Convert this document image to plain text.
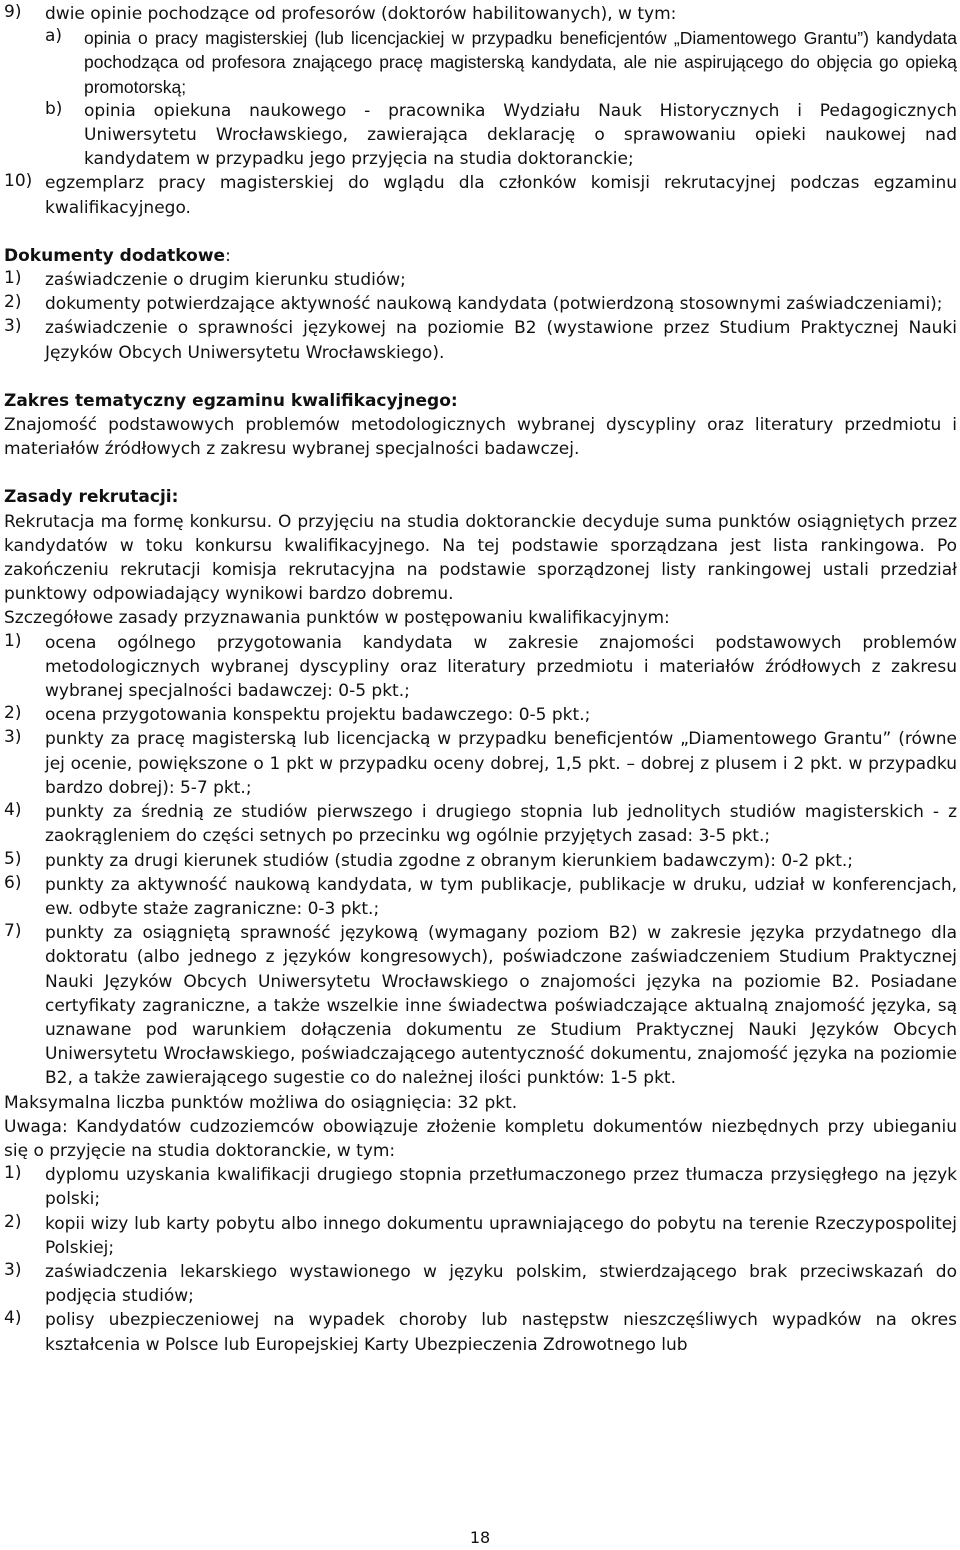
9)	dwie opinie pochodzące od profesorów (doktorów habilitowanych), w tym:
a)	opinia o pracy magisterskiej (lub licencjackiej w przypadku beneficjentów „Diamentowego Grantu”) kandydata pochodząca od profesora znającego pracę magisterską kandydata, ale nie aspirującego do objęcia go opieką promotorską;
b)	opinia opiekuna naukowego - pracownika Wydziału Nauk Historycznych i Pedagogicznych Uniwersytetu Wrocławskiego, zawierająca deklarację o sprawowaniu opieki naukowej nad kandydatem w przypadku jego przyjęcia na studia doktoranckie;
10) egzemplarz pracy magisterskiej do wglądu dla członków komisji rekrutacyjnej podczas egzaminu kwalifikacyjnego.

Dokumenty dodatkowe:

1)	zaświadczenie o drugim kierunku studiów;
2)	dokumenty potwierdzające aktywność naukową kandydata (potwierdzoną stosownymi zaświadczeniami);
3)	zaświadczenie o sprawności językowej na poziomie B2 (wystawione przez Studium Praktycznej Nauki Języków Obcych Uniwersytetu Wrocławskiego).

Zakres tematyczny egzaminu kwalifikacyjnego:

Znajomość podstawowych problemów metodologicznych wybranej dyscypliny oraz literatury przedmiotu i materiałów źródłowych z zakresu wybranej specjalności badawczej.

Zasady rekrutacji:

Rekrutacja ma formę konkursu. O przyjęciu na studia doktoranckie decyduje suma punktów osiągniętych przez kandydatów w toku konkursu kwalifikacyjnego. Na tej podstawie sporządzana jest lista rankingowa. Po zakończeniu rekrutacji komisja rekrutacyjna na podstawie sporządzonej listy rankingowej ustali przedział punktowy odpowiadający wynikowi bardzo dobremu.

Szczegółowe zasady przyznawania punktów w postępowaniu kwalifikacyjnym:

1)	ocena ogólnego przygotowania kandydata w zakresie znajomości podstawowych problemów metodologicznych wybranej dyscypliny oraz literatury przedmiotu i materiałów źródłowych z zakresu wybranej specjalności badawczej: 0-5 pkt.;
2)	ocena przygotowania konspektu projektu badawczego: 0-5 pkt.;
3)	punkty za pracę magisterską lub licencjacką w przypadku beneficjentów „Diamentowego Grantu” (równe jej ocenie, powiększone o 1 pkt w przypadku oceny dobrej, 1,5 pkt. – dobrej z plusem i 2 pkt. w przypadku bardzo dobrej): 5-7 pkt.;
4)	punkty za średnią ze studiów pierwszego i drugiego stopnia lub jednolitych studiów magisterskich - z zaokrągleniem do części setnych po przecinku wg ogólnie przyjętych zasad: 3-5 pkt.;
5)	punkty za drugi kierunek studiów (studia zgodne z obranym kierunkiem badawczym): 0-2 pkt.;
6)	punkty za aktywność naukową kandydata, w tym publikacje, publikacje w druku, udział w konferencjach, ew. odbyte staże zagraniczne: 0-3 pkt.;
7)	punkty za osiągniętą sprawność językową (wymagany poziom B2) w zakresie języka przydatnego dla doktoratu (albo jednego z języków kongresowych), poświadczone zaświadczeniem Studium Praktycznej Nauki Języków Obcych Uniwersytetu Wrocławskiego o znajomości języka na poziomie B2. Posiadane certyfikaty zagraniczne, a także wszelkie inne świadectwa poświadczające aktualną znajomość języka, są uznawane pod warunkiem dołączenia dokumentu ze Studium Praktycznej Nauki Języków Obcych Uniwersytetu Wrocławskiego, poświadczającego autentyczność dokumentu, znajomość języka na poziomie B2, a także zawierającego sugestie co do należnej ilości punktów: 1-5 pkt.

Maksymalna liczba punktów możliwa do osiągnięcia: 32 pkt.

Uwaga: Kandydatów cudzoziemców obowiązuje złożenie kompletu dokumentów niezbędnych przy ubieganiu się o przyjęcie na studia doktoranckie, w tym:

1)	dyplomu uzyskania kwalifikacji drugiego stopnia przetłumaczonego przez tłumacza przysięgłego na język polski;
2)	kopii wizy lub karty pobytu albo innego dokumentu uprawniającego do pobytu na terenie Rzeczypospolitej Polskiej;
3)	zaświadczenia lekarskiego wystawionego w języku polskim, stwierdzającego brak przeciwskazań do podjęcia studiów;
4)	polisy ubezpieczeniowej na wypadek choroby lub następstw nieszczęśliwych wypadków na okres kształcenia w Polsce lub Europejskiej Karty Ubezpieczenia Zdrowotnego lub
18
